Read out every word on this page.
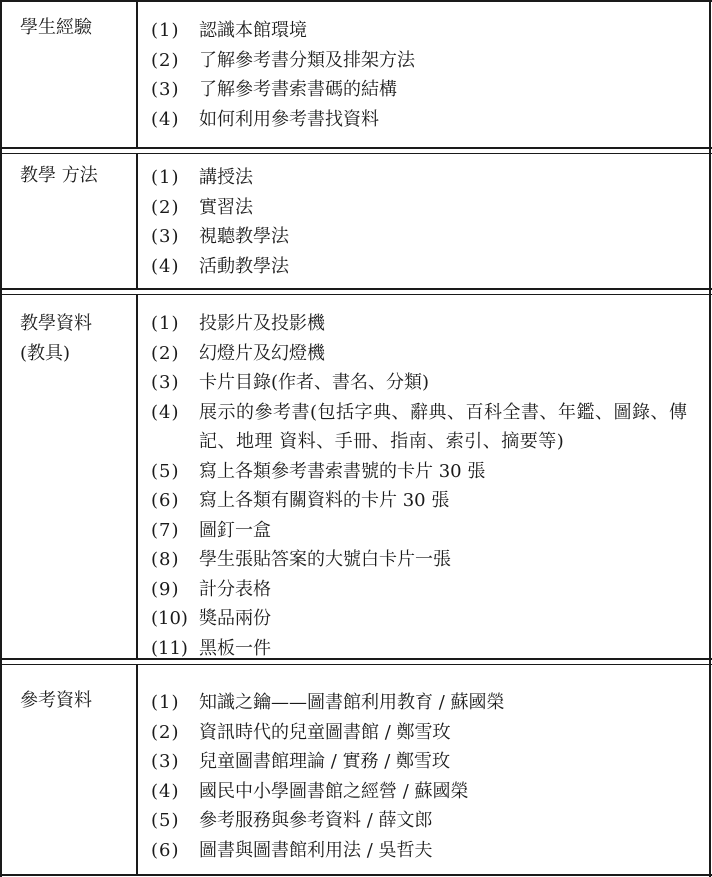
學生經驗	(1)	認識本館環境
(2)	了解參考書分類及排架方法
(3)	了解參考書索書碼的結構
(4)	如何利用參考書找資料
教學 方法	(1)	講授法
(2)	實習法
(3)	視聽教學法
(4)	活動教學法
教學資料
(教具)
(1)	投影片及投影機
(2)	幻燈片及幻燈機
(3)	卡片目錄(作者、書名、分類)
(4)	展示的參考書(包括字典、辭典、百科全書、年鑑、圖錄、傳記、地理 資料、手冊、指南、索引、摘要等)
(5)	寫上各類參考書索書號的卡片 30 張
(6)	寫上各類有關資料的卡片 30 張
(7)	圖釘一盒
(8)	學生張貼答案的大號白卡片一張
(9)	計分表格
(10) 獎品兩份
(11) 黑板一件
參考資料	(1)	知識之鑰——圖書館利用教育 / 蘇國榮
(2)	資訊時代的兒童圖書館 / 鄭雪玫
(3)	兒童圖書館理論 / 實務 / 鄭雪玫
(4)	國民中小學圖書館之經營 / 蘇國榮
(5)	參考服務與參考資料 / 薛文郎
(6)	圖書與圖書館利用法 / 吳哲夫
